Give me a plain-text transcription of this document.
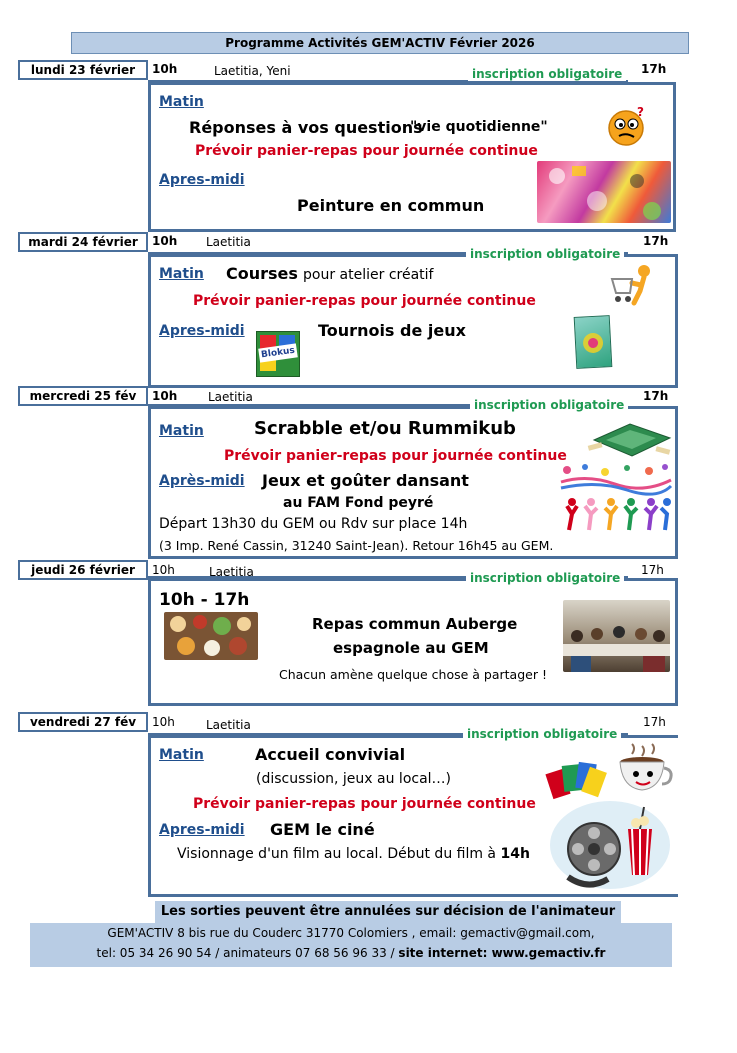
Programme Activités GEM'ACTIV Février 2026
lundi 23 février	10h	Laetitia, Yeni	inscription obligatoire	17h
Matin
Réponses à vos questions
"vie quotidienne"
Prévoir panier-repas pour journée continue
Apres-midi
Peinture en commun
?
mardi 24 février	10h Laetitia
inscription obligatoire
17h
Matin Courses pour atelier créatif
Prévoir panier-repas pour journée continue
Apres-midi	Tournois de jeux
Blokus
mercredi 25 fév	10h	Laetitia
inscription obligatoire
17h
Matin	Scrabble et/ou Rummikub
Prévoir panier-repas pour journée continue
Après-midi Jeux et goûter dansant
au FAM Fond peyré
Départ 13h30 du GEM ou Rdv sur place 14h
(3 Imp. René Cassin, 31240 Saint-Jean). Retour 16h45 au GEM.
jeudi 26 février	10h	Laetitia	inscription obligatoire
17h
10h - 17h
Repas commun Auberge
espagnole au GEM
Chacun amène quelque chose à partager !
vendredi 27 fév	10h	Laetitia
inscription obligatoire
17h
Matin	Accueil convivial
(discussion, jeux au local…)
Prévoir panier-repas pour journée continue
Apres-midi GEM le ciné
Visionnage d'un film au local. Début du film à 14h
Les sorties peuvent être annulées sur décision de l'animateur
GEM'ACTIV 8 bis rue du Couderc 31770 Colomiers , email: gemactiv@gmail.com,
tel: 05 34 26 90 54 / animateurs 07 68 56 96 33 / site internet: www.gemactiv.fr
